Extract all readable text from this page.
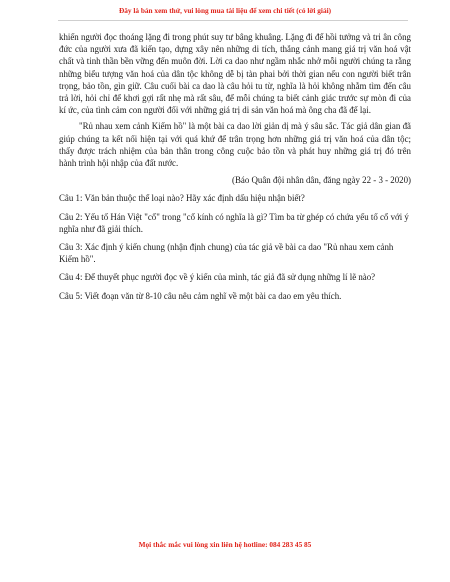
Đây là bản xem thử, vui lòng mua tài liệu để xem chi tiết (có lời giải)

khiến người đọc thoáng lặng đi trong phút suy tư bâng khuâng. Lặng đi để hồi tưởng và tri ân công đức của người xưa đã kiến tạo, dựng xây nên những di tích, thắng cảnh mang giá trị văn hoá vật chất và tinh thần bền vững đến muôn đời. Lời ca dao như ngầm nhắc nhở mỗi người chúng ta rằng những biểu tượng văn hoá của dân tộc không dễ bị tàn phai bởi thời gian nếu con người biết trân trọng, bảo tồn, gìn giữ. Câu cuối bài ca dao là câu hỏi tu từ, nghĩa là hỏi không nhằm tìm đến câu trả lời, hỏi chỉ để khơi gợi rất nhẹ mà rất sâu, để mỗi chúng ta biết cảnh giác trước sự mòn đi của kí ức, của tình cảm con người đối với những giá trị di sản văn hoá mà ông cha đã để lại.

"Rủ nhau xem cảnh Kiếm hồ" là một bài ca dao lời giản dị mà ý sâu sắc. Tác giả dân gian đã giúp chúng ta kết nối hiện tại với quá khứ để trân trọng hơn những giá trị văn hoá của dân tộc; thấy được trách nhiệm của bản thân trong công cuộc bảo tồn và phát huy những giá trị đó trên hành trình hội nhập của đất nước.

(Báo Quân đội nhân dân, đăng ngày 22 - 3 - 2020)

Câu 1: Văn bản thuộc thể loại nào? Hãy xác định dấu hiệu nhận biết?

Câu 2: Yếu tố Hán Việt "cổ" trong "cổ kính có nghĩa là gì? Tìm ba từ ghép có chứa yếu tố cổ với ý nghĩa như đã giải thích.

Câu 3: Xác định ý kiến chung (nhận định chung) của tác giả về bài ca dao "Rủ nhau xem cảnh Kiếm hồ".

Câu 4: Để thuyết phục người đọc về ý kiến của mình, tác giả đã sử dụng những lí lẽ nào?

Câu 5: Viết đoạn văn từ 8-10 câu nêu cảm nghĩ về một bài ca dao em yêu thích.

Mọi thắc mắc vui lòng xin liên hệ hotline: 084 283 45 85
